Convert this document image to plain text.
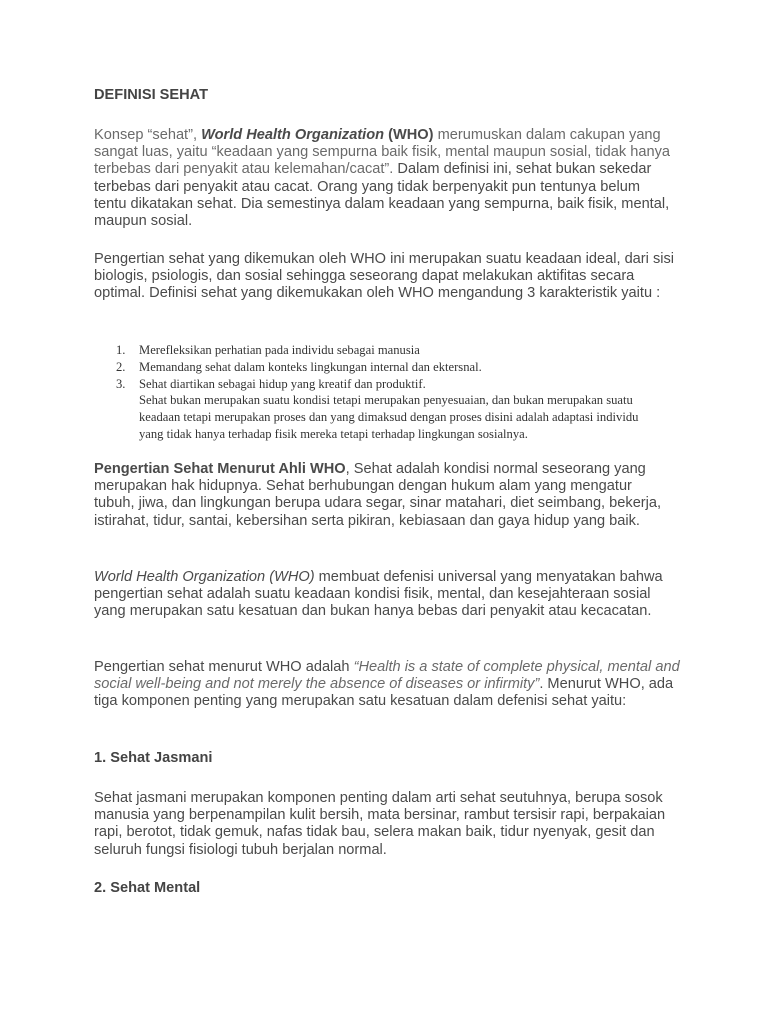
DEFINISI SEHAT
Konsep “sehat”, World Health Organization (WHO) merumuskan dalam cakupan yang sangat luas, yaitu “keadaan yang sempurna baik fisik, mental maupun sosial, tidak hanya terbebas dari penyakit atau kelemahan/cacat”. Dalam definisi ini, sehat bukan sekedar terbebas dari penyakit atau cacat. Orang yang tidak berpenyakit pun tentunya belum tentu dikatakan sehat. Dia semestinya dalam keadaan yang sempurna, baik fisik, mental, maupun sosial.
Pengertian sehat yang dikemukan oleh WHO ini merupakan suatu keadaan ideal, dari sisi biologis, psiologis, dan sosial sehingga seseorang dapat melakukan aktifitas secara optimal. Definisi sehat yang dikemukakan oleh WHO mengandung 3 karakteristik yaitu :
1. Merefleksikan perhatian pada individu sebagai manusia
2. Memandang sehat dalam konteks lingkungan internal dan ektersnal.
3. Sehat diartikan sebagai hidup yang kreatif dan produktif.
Sehat bukan merupakan suatu kondisi tetapi merupakan penyesuaian, dan bukan merupakan suatu keadaan tetapi merupakan proses dan yang dimaksud dengan proses disini adalah adaptasi individu yang tidak hanya terhadap fisik mereka tetapi terhadap lingkungan sosialnya.
Pengertian Sehat Menurut Ahli WHO, Sehat adalah kondisi normal seseorang yang merupakan hak hidupnya. Sehat berhubungan dengan hukum alam yang mengatur tubuh, jiwa, dan lingkungan berupa udara segar, sinar matahari, diet seimbang, bekerja, istirahat, tidur, santai, kebersihan serta pikiran, kebiasaan dan gaya hidup yang baik.
World Health Organization (WHO) membuat defenisi universal yang menyatakan bahwa pengertian sehat adalah suatu keadaan kondisi fisik, mental, dan kesejahteraan sosial yang merupakan satu kesatuan dan bukan hanya bebas dari penyakit atau kecacatan.
Pengertian sehat menurut WHO adalah “Health is a state of complete physical, mental and social well-being and not merely the absence of diseases or infirmity”. Menurut WHO, ada tiga komponen penting yang merupakan satu kesatuan dalam defenisi sehat yaitu:
1. Sehat Jasmani
Sehat jasmani merupakan komponen penting dalam arti sehat seutuhnya, berupa sosok manusia yang berpenampilan kulit bersih, mata bersinar, rambut tersisir rapi, berpakaian rapi, berotot, tidak gemuk, nafas tidak bau, selera makan baik, tidur nyenyak, gesit dan seluruh fungsi fisiologi tubuh berjalan normal.
2. Sehat Mental
